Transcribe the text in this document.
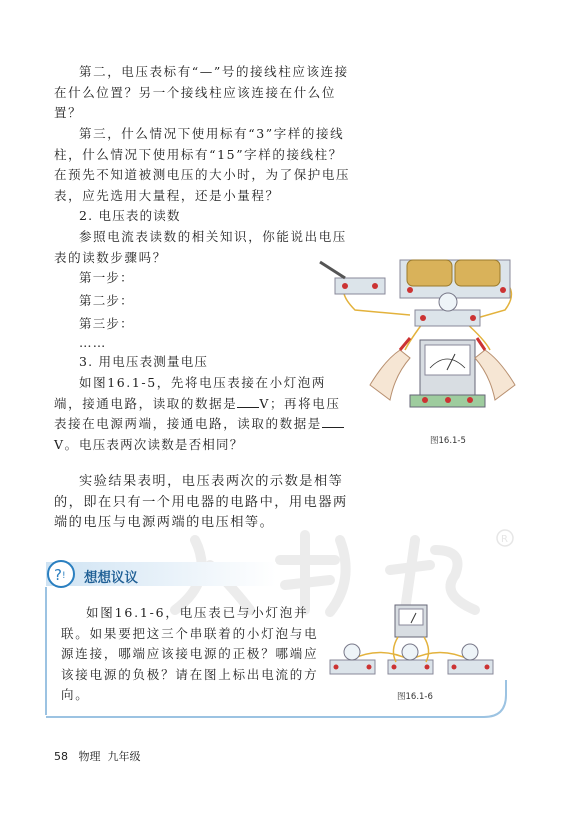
R

第二，电压表标有“—”号的接线柱应该连接在什么位置？另一个接线柱应该连接在什么位置？

第三，什么情况下使用标有“3”字样的接线柱，什么情况下使用标有“15”字样的接线柱？在预先不知道被测电压的大小时，为了保护电压表，应先选用大量程，还是小量程？

2. 电压表的读数

参照电流表读数的相关知识，你能说出电压表的读数步骤吗？

第一步：
第二步：
第三步：
……
3. 用电压表测量电压

如图16.1-5，先将电压表接在小灯泡两端，接通电路，读取的数据是 V；再将电压表接在电源两端，接通电路，读取的数据是V。 电压表两次读数是否相同？

实验结果表明，电压表两次的示数是相等的，即在只有一个用电器的电路中，用电器两端的电压与电源两端的电压相等。

图16.1-5
? ! 想想议议

如图16.1-6，电压表已与小灯泡并联。如果要把这三个串联着的小灯泡与电源连接，哪端应该接电源的正极？哪端应该接电源的负极？请在图上标出电流的方向。	图16.1-6
58 物理 九年级
